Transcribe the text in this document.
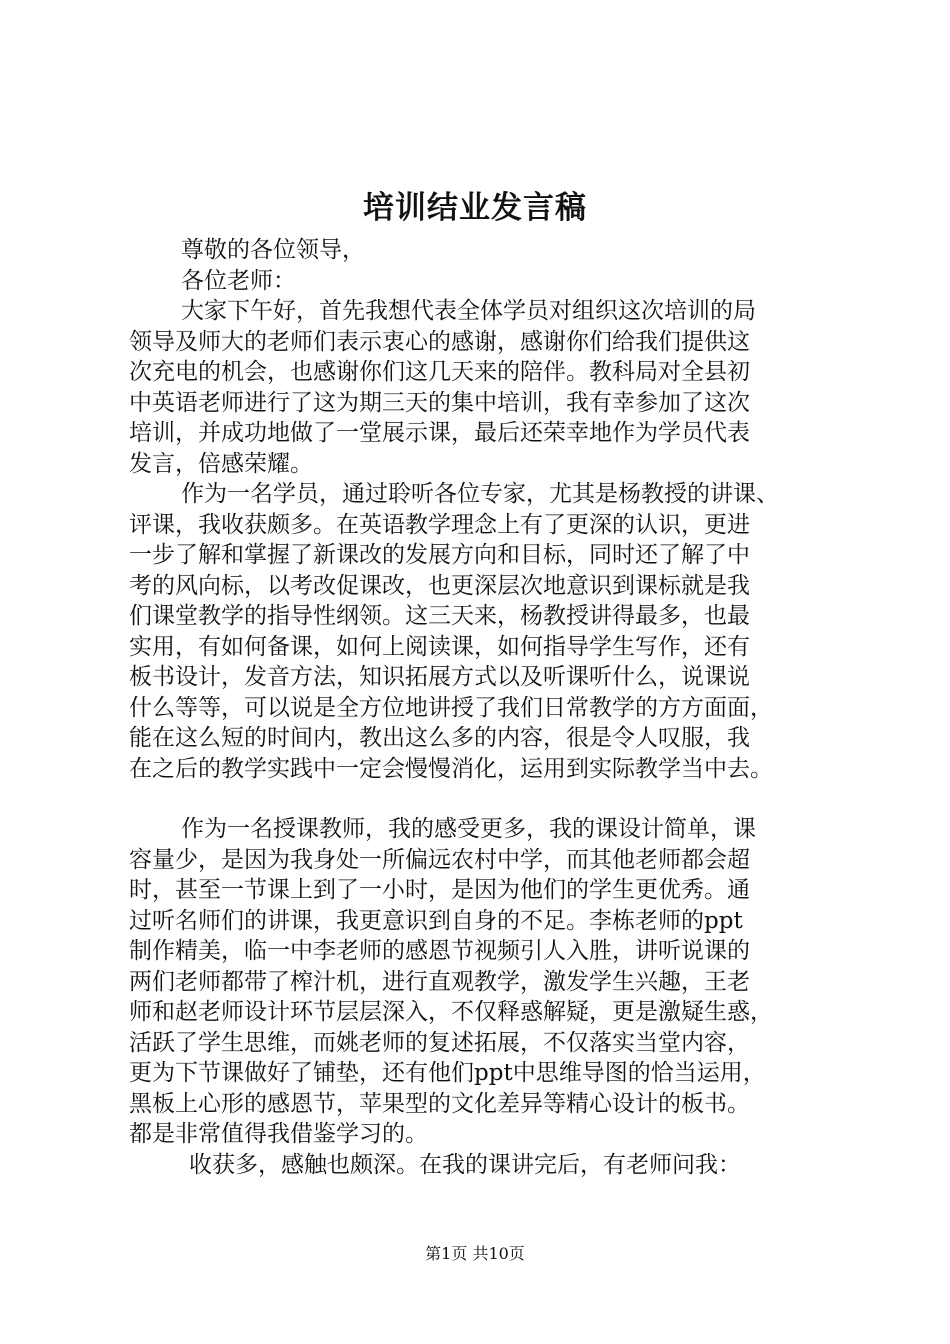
培训结业发言稿
尊敬的各位领导，
各位老师：
大家下午好，首先我想代表全体学员对组织这次培训的局
领导及师大的老师们表示衷心的感谢，感谢你们给我们提供这
次充电的机会，也感谢你们这几天来的陪伴。教科局对全县初
中英语老师进行了这为期三天的集中培训，我有幸参加了这次
培训，并成功地做了一堂展示课，最后还荣幸地作为学员代表
发言，倍感荣耀。
作为一名学员，通过聆听各位专家，尤其是杨教授的讲课、
评课，我收获颇多。在英语教学理念上有了更深的认识，更进
一步了解和掌握了新课改的发展方向和目标，同时还了解了中
考的风向标，以考改促课改，也更深层次地意识到课标就是我
们课堂教学的指导性纲领。这三天来，杨教授讲得最多，也最
实用，有如何备课，如何上阅读课，如何指导学生写作，还有
板书设计，发音方法，知识拓展方式以及听课听什么，说课说
什么等等，可以说是全方位地讲授了我们日常教学的方方面面，
能在这么短的时间内，教出这么多的内容，很是令人叹服，我
在之后的教学实践中一定会慢慢消化，运用到实际教学当中去。
作为一名授课教师，我的感受更多，我的课设计简单，课
容量少，是因为我身处一所偏远农村中学，而其他老师都会超
时，甚至一节课上到了一小时，是因为他们的学生更优秀。通
过听名师们的讲课，我更意识到自身的不足。李栋老师的ppt
制作精美，临一中李老师的感恩节视频引人入胜，讲听说课的
两们老师都带了榨汁机，进行直观教学，激发学生兴趣，王老
师和赵老师设计环节层层深入，不仅释惑解疑，更是激疑生惑，
活跃了学生思维，而姚老师的复述拓展，不仅落实当堂内容，
更为下节课做好了铺垫，还有他们ppt中思维导图的恰当运用，
黑板上心形的感恩节，苹果型的文化差异等精心设计的板书。
都是非常值得我借鉴学习的。
收获多，感触也颇深。在我的课讲完后，有老师问我：
第1页 共10页
